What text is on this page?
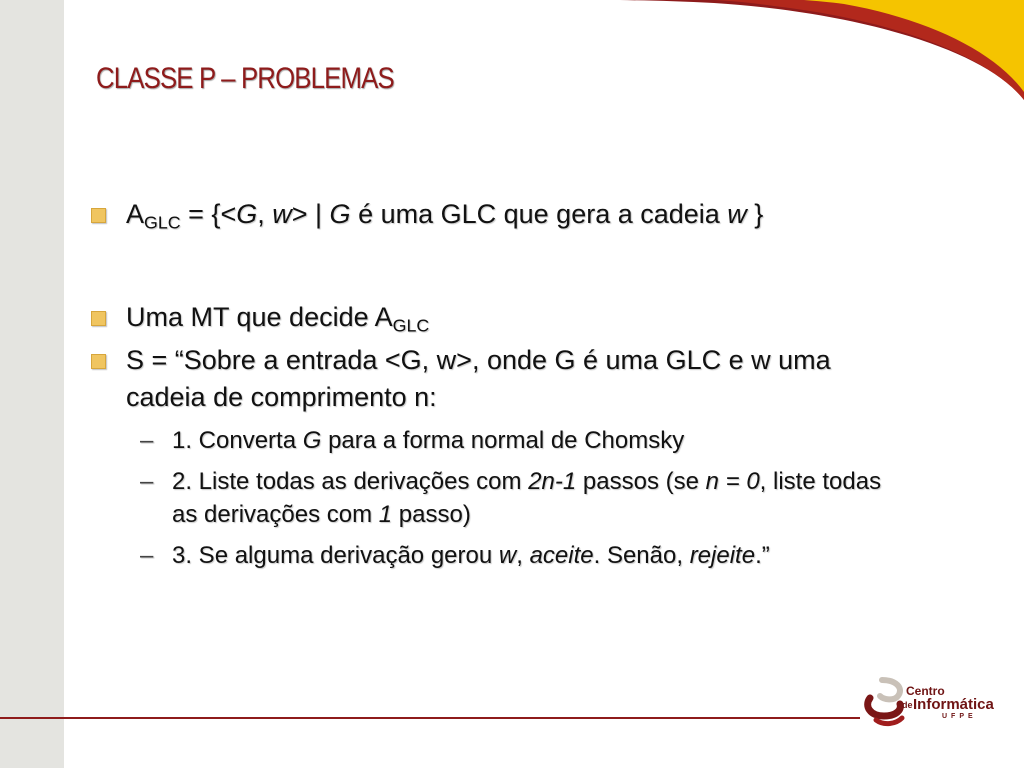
CLASSE P – PROBLEMAS
$A_{GLC} = \{<G$, w> | G é uma GLC que gera a cadeia w }
Uma MT que decide $A_{GLC}$
S = “Sobre a entrada <G, w>, onde G é uma GLC e w uma cadeia de comprimento n:
– 1. Converta G para a forma normal de Chomsky
– 2. Liste todas as derivações com 2n-1 passos (se n = 0, liste todas as derivações com 1 passo)
– 3. Se alguma derivação gerou w, aceite. Senão, rejeite.”
Centro
de Informática
UFPE
